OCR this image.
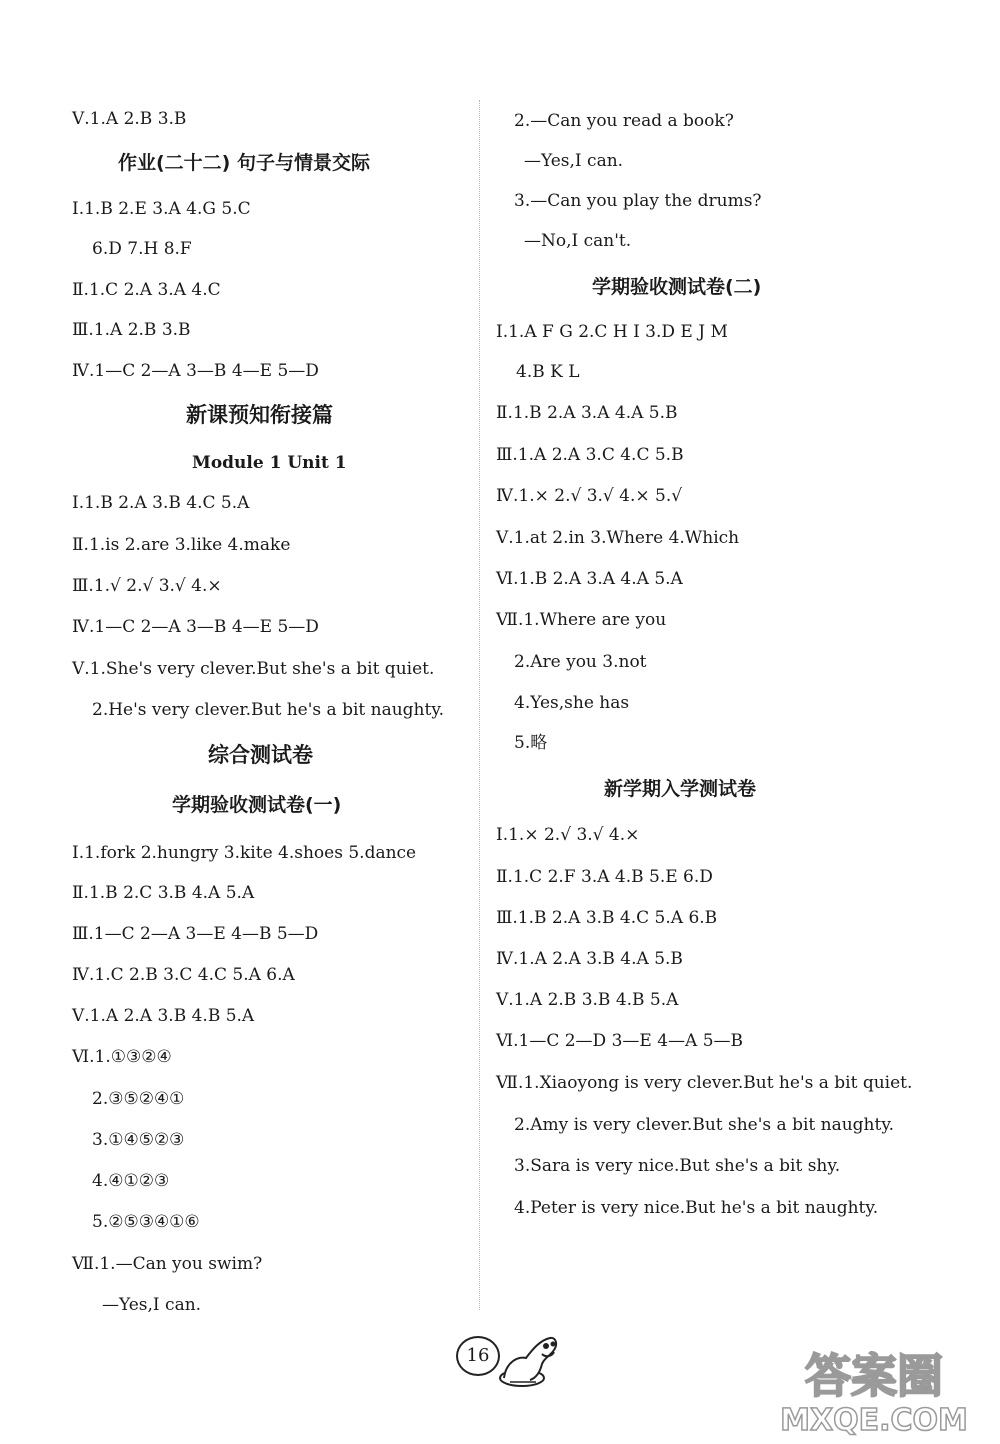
Ⅴ.1.A 2.B 3.B
作业(二十二) 句子与情景交际
Ⅰ.1.B 2.E 3.A 4.G 5.C
6.D 7.H 8.F
Ⅱ.1.C 2.A 3.A 4.C
Ⅲ.1.A 2.B 3.B
Ⅳ.1—C 2—A 3—B 4—E 5—D
新课预知衔接篇
Module 1 Unit 1
Ⅰ.1.B 2.A 3.B 4.C 5.A
Ⅱ.1.is 2.are 3.like 4.make
Ⅲ.1.√ 2.√ 3.√ 4.×
Ⅳ.1—C 2—A 3—B 4—E 5—D
Ⅴ.1.She's very clever.But she's a bit quiet.
2.He's very clever.But he's a bit naughty.
综合测试卷
学期验收测试卷(一)
Ⅰ.1.fork 2.hungry 3.kite 4.shoes 5.dance
Ⅱ.1.B 2.C 3.B 4.A 5.A
Ⅲ.1—C 2—A 3—E 4—B 5—D
Ⅳ.1.C 2.B 3.C 4.C 5.A 6.A
Ⅴ.1.A 2.A 3.B 4.B 5.A
Ⅵ.1.①③②④
2.③⑤②④①
3.①④⑤②③
4.④①②③
5.②⑤③④①⑥
Ⅶ.1.—Can you swim?
—Yes,I can.
2.—Can you read a book?
—Yes,I can.
3.—Can you play the drums?
—No,I can't.
学期验收测试卷(二)
Ⅰ.1.A F G 2.C H I 3.D E J M
4.B K L
Ⅱ.1.B 2.A 3.A 4.A 5.B
Ⅲ.1.A 2.A 3.C 4.C 5.B
Ⅳ.1.× 2.√ 3.√ 4.× 5.√
Ⅴ.1.at 2.in 3.Where 4.Which
Ⅵ.1.B 2.A 3.A 4.A 5.A
Ⅶ.1.Where are you
2.Are you 3.not
4.Yes,she has
5.略
新学期入学测试卷
Ⅰ.1.× 2.√ 3.√ 4.×
Ⅱ.1.C 2.F 3.A 4.B 5.E 6.D
Ⅲ.1.B 2.A 3.B 4.C 5.A 6.B
Ⅳ.1.A 2.A 3.B 4.A 5.B
Ⅴ.1.A 2.B 3.B 4.B 5.A
Ⅵ.1—C 2—D 3—E 4—A 5—B
Ⅶ.1.Xiaoyong is very clever.But he's a bit quiet.
2.Amy is very clever.But she's a bit naughty.
3.Sara is very nice.But she's a bit shy.
4.Peter is very nice.But he's a bit naughty.
16	答案圈
MXQE.COM
